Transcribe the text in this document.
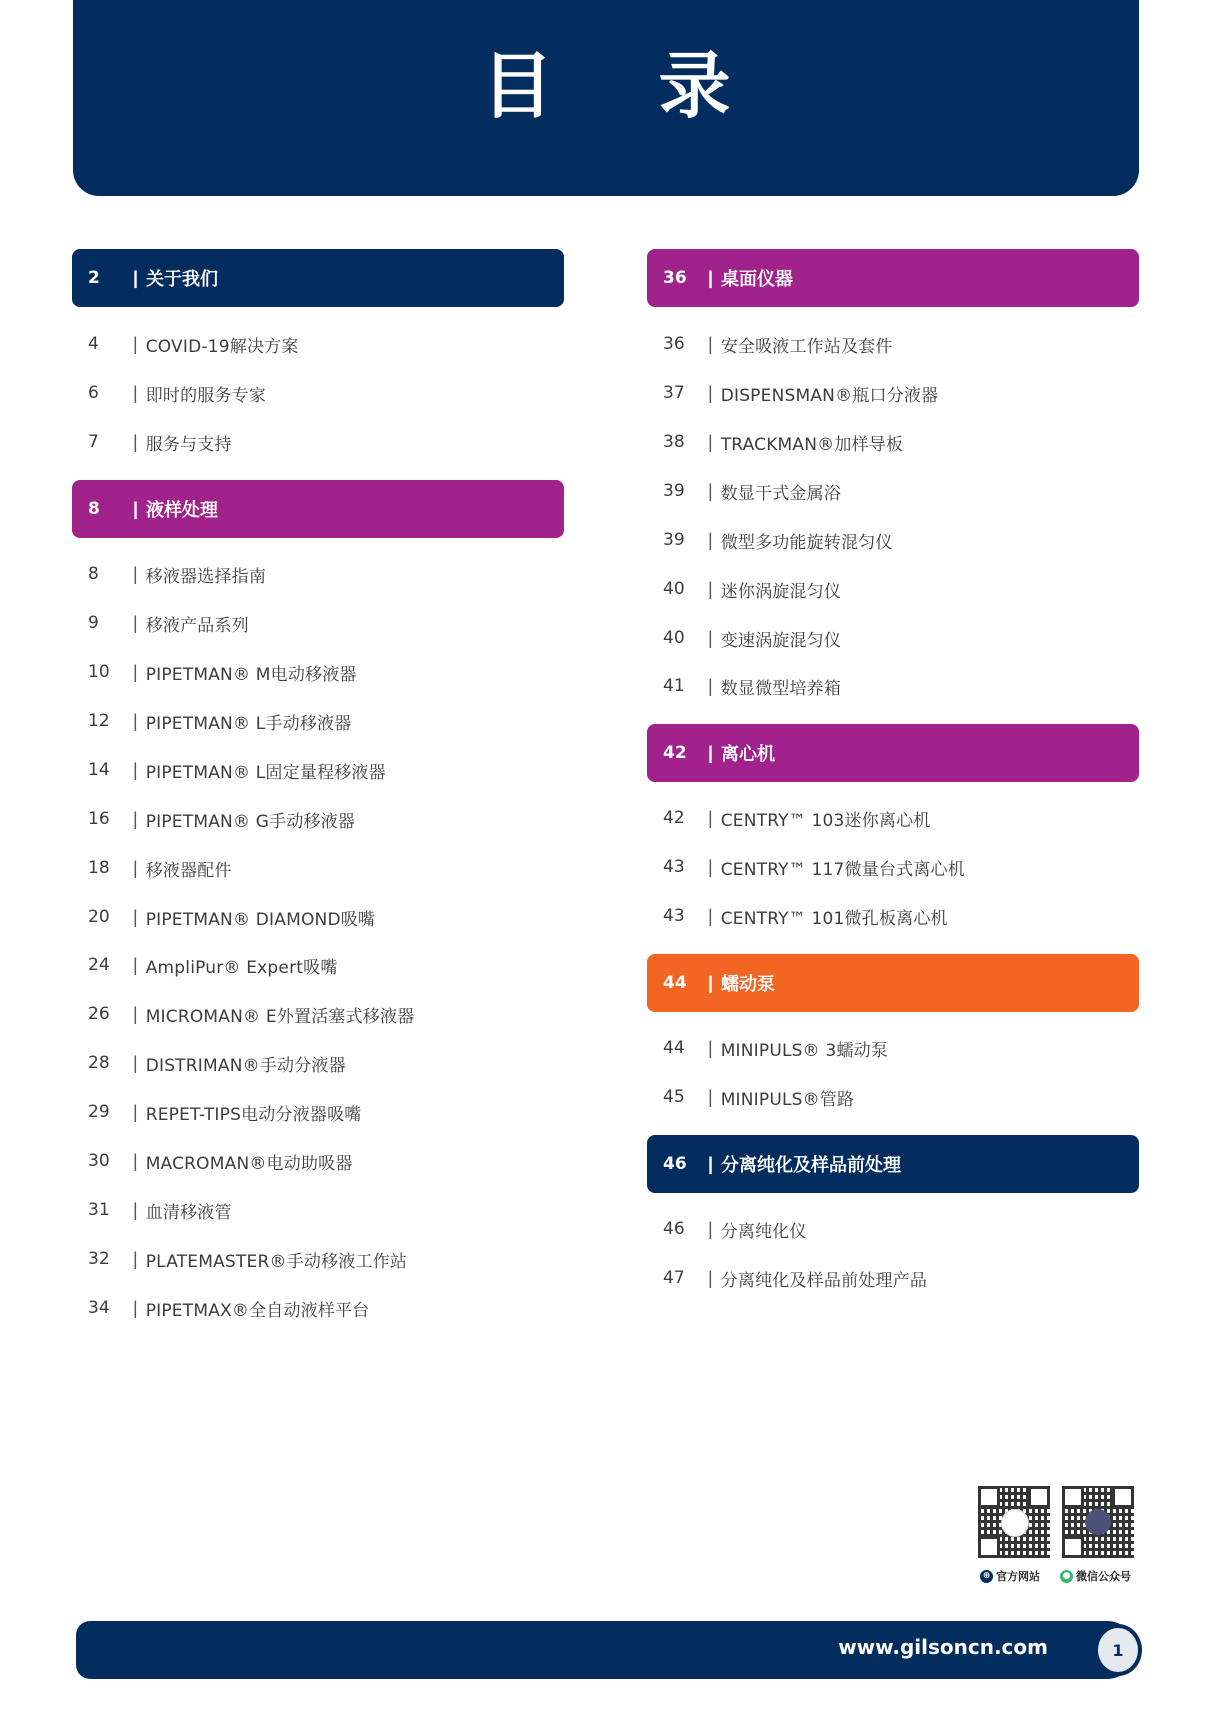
目 录
2	| 关于我们
4	| COVID-19解决方案
6	| 即时的服务专家
7	| 服务与支持
8	| 液样处理
8	| 移液器选择指南
9	| 移液产品系列
10	| PIPETMAN® M电动移液器
12	| PIPETMAN® L手动移液器
14	| PIPETMAN® L固定量程移液器
16	| PIPETMAN® G手动移液器
18	| 移液器配件
20	| PIPETMAN® DIAMOND吸嘴
24	| AmpliPur® Expert吸嘴
26	| MICROMAN® E外置活塞式移液器
28	| DISTRIMAN®手动分液器
29	| REPET-TIPS电动分液器吸嘴
30	| MACROMAN®电动助吸器
31	| 血清移液管
32	| PLATEMASTER®手动移液工作站
34	| PIPETMAX®全自动液样平台
36	| 桌面仪器
36	| 安全吸液工作站及套件
37	| DISPENSMAN®瓶口分液器
38	| TRACKMAN®加样导板
39	| 数显干式金属浴
39	| 微型多功能旋转混匀仪
40	| 迷你涡旋混匀仪
40	| 变速涡旋混匀仪
41	| 数显微型培养箱
42	| 离心机
42	| CENTRY™ 103迷你离心机
43	| CENTRY™ 117微量台式离心机
43	| CENTRY™ 101微孔板离心机
44	| 蠕动泵
44	| MINIPULS® 3蠕动泵
45	| MINIPULS®管路
46	| 分离纯化及样品前处理
46	| 分离纯化仪
47	| 分离纯化及样品前处理产品
⊕ 官方网站	● 微信公众号
www.gilsoncn.com	1
